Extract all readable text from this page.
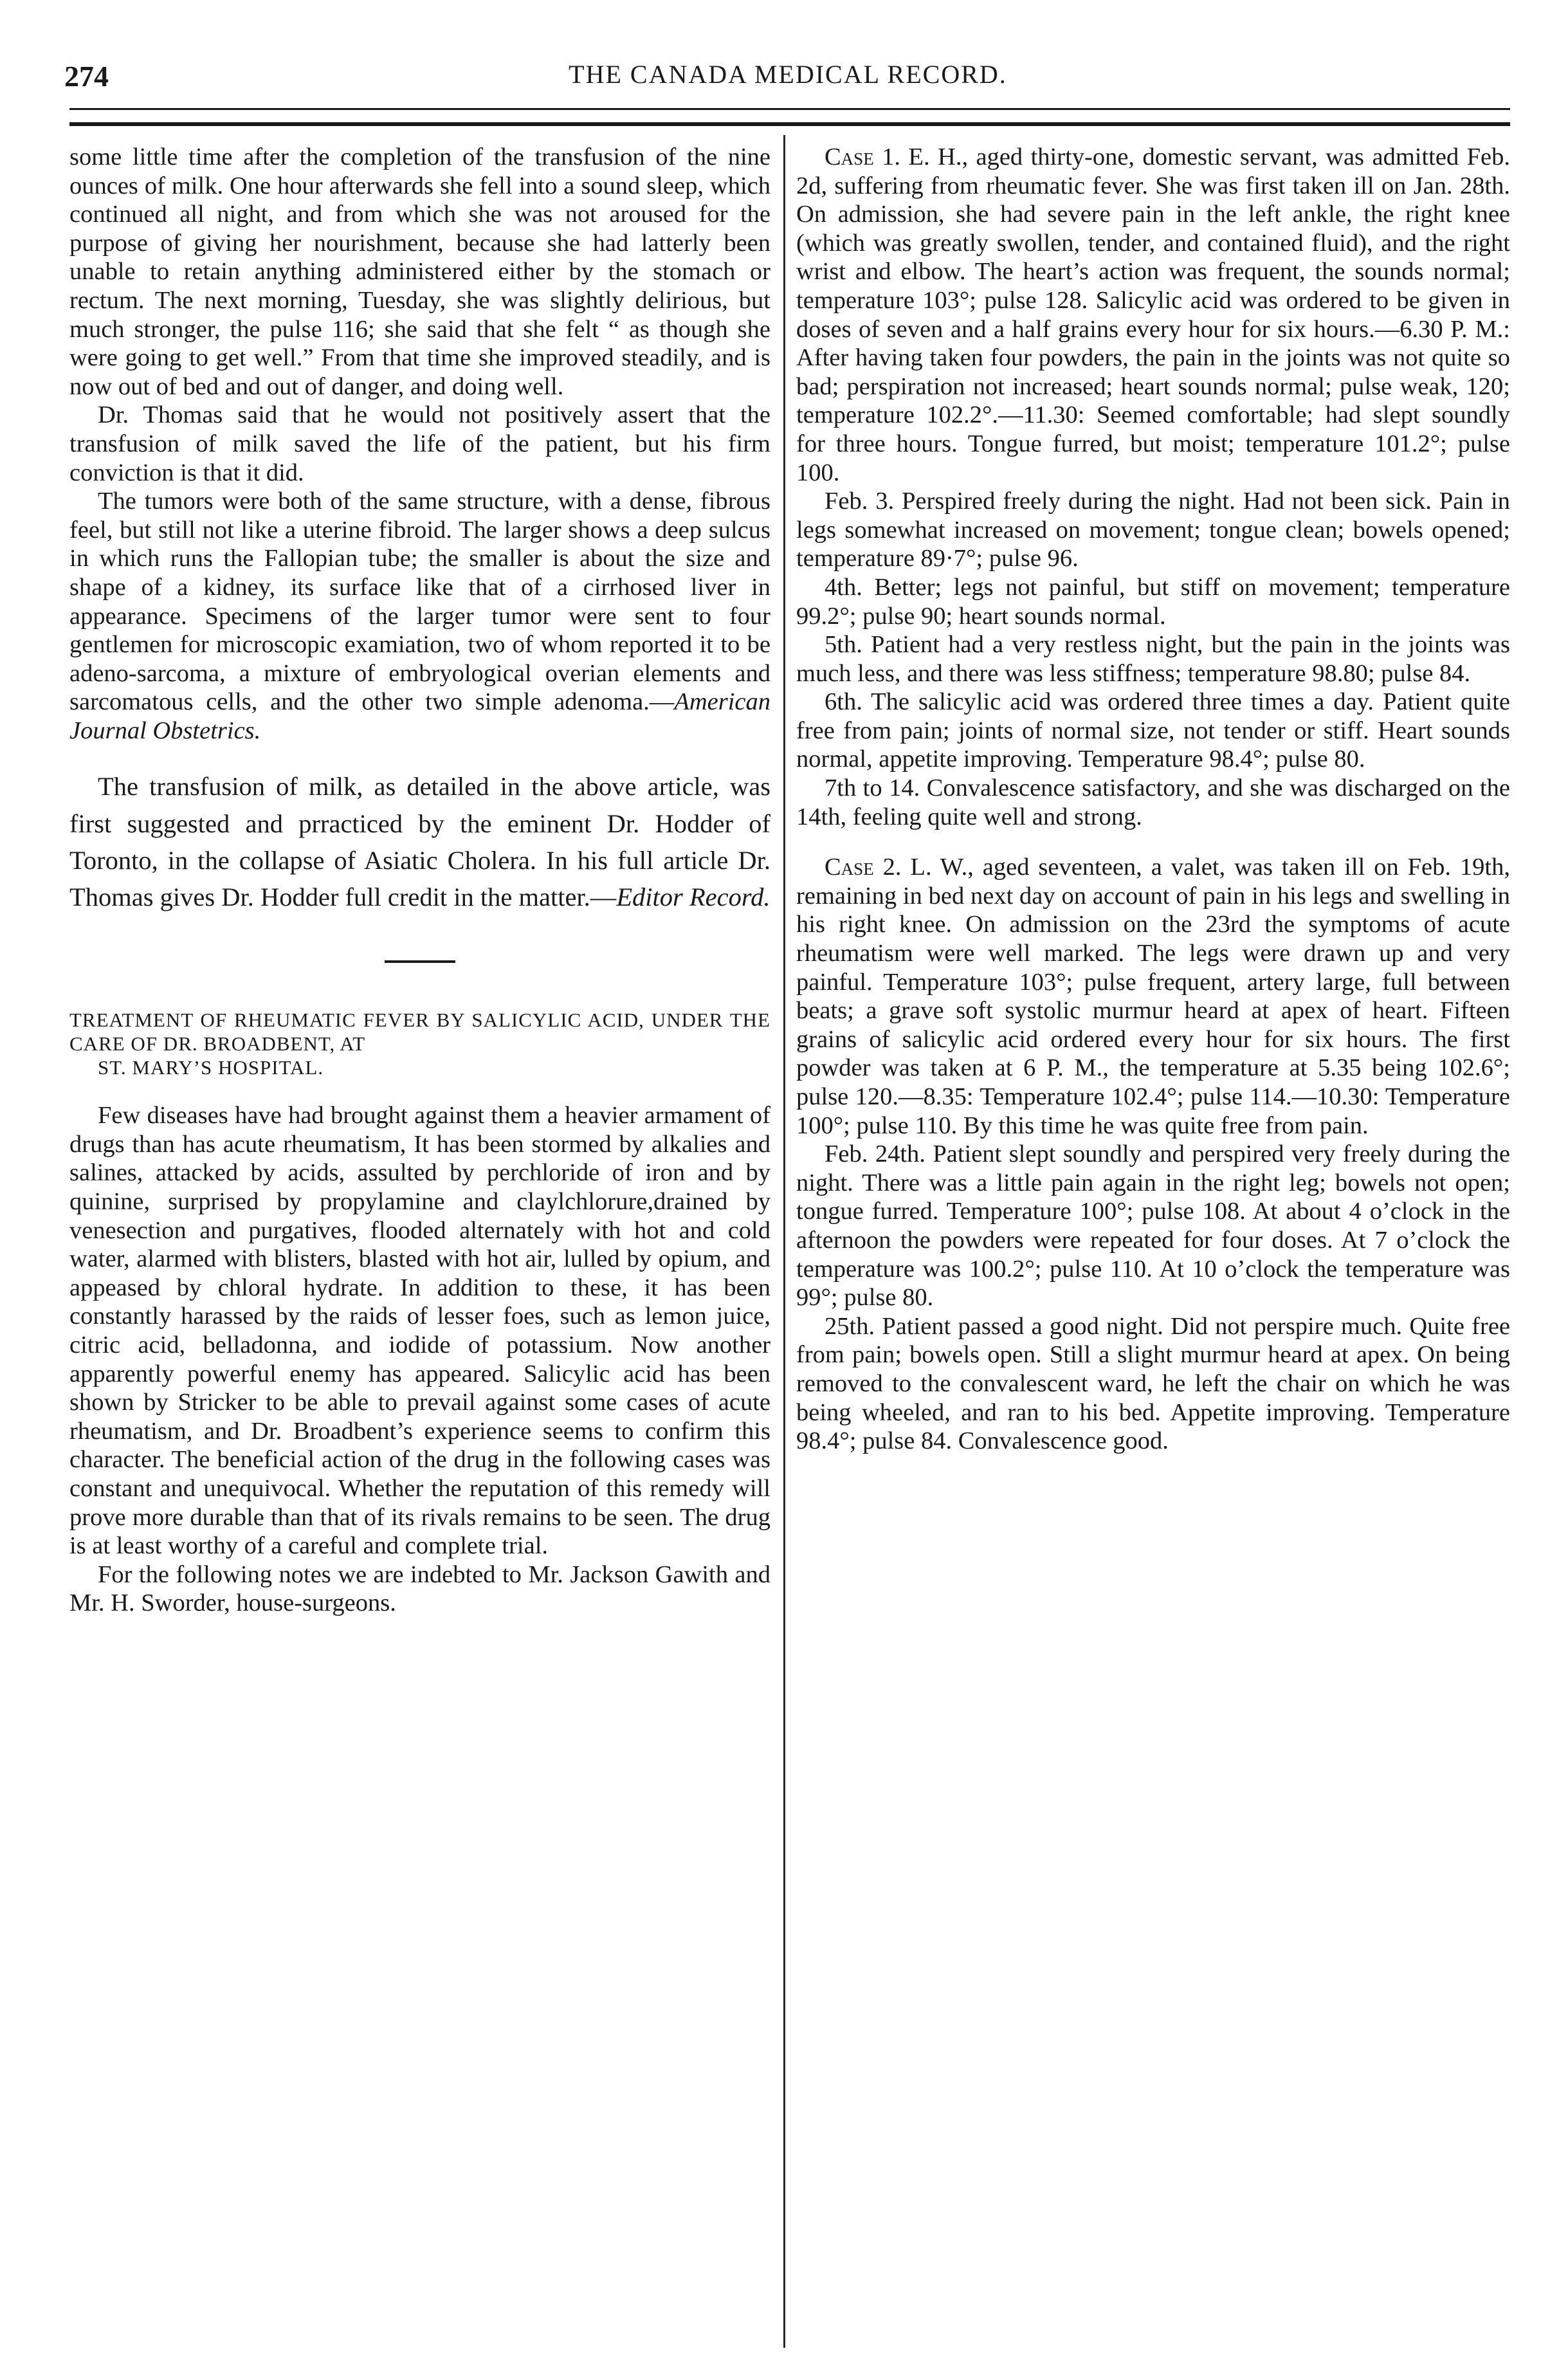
274	THE CANADA MEDICAL RECORD.

some little time after the completion of the transfusion of the nine ounces of milk. One hour afterwards she fell into a sound sleep, which continued all night, and from which she was not aroused for the purpose of giving her nourishment, because she had latterly been unable to retain anything administered either by the stomach or rectum. The next morning, Tuesday, she was slightly delirious, but much stronger, the pulse 116; she said that she felt “ as though she were going to get well.” From that time she improved steadily, and is now out of bed and out of danger, and doing well.

Dr. Thomas said that he would not positively assert that the transfusion of milk saved the life of the patient, but his firm conviction is that it did.

The tumors were both of the same structure, with a dense, fibrous feel, but still not like a uterine fibroid. The larger shows a deep sulcus in which runs the Fallopian tube; the smaller is about the size and shape of a kidney, its surface like that of a cirrhosed liver in appearance. Specimens of the larger tumor were sent to four gentlemen for microscopic examiation, two of whom reported it to be adeno-sarcoma, a mixture of embryological overian elements and sarcomatous cells, and the other two simple adenoma.—American Journal Obstetrics.

The transfusion of milk, as detailed in the above article, was first suggested and prracticed by the eminent Dr. Hodder of Toronto, in the collapse of Asiatic Cholera. In his full article Dr. Thomas gives Dr. Hodder full credit in the matter.—Editor Record.

TREATMENT OF RHEUMATIC FEVER BY SALICYLIC ACID, UNDER THE CARE OF DR. BROADBENT, AT
ST. MARY’S HOSPITAL.

Few diseases have had brought against them a heavier armament of drugs than has acute rheumatism, It has been stormed by alkalies and salines, attacked by acids, assulted by perchloride of iron and by quinine, surprised by propylamine and claylchlorure,drained by venesection and purgatives, flooded alternately with hot and cold water, alarmed with blisters, blasted with hot air, lulled by opium, and appeased by chloral hydrate. In addition to these, it has been constantly harassed by the raids of lesser foes, such as lemon juice, citric acid, belladonna, and iodide of potassium. Now another apparently powerful enemy has appeared. Salicylic acid has been shown by Stricker to be able to prevail against some cases of acute rheumatism, and Dr. Broadbent’s experience seems to confirm this character. The beneficial action of the drug in the following cases was constant and unequivocal. Whether the reputation of this remedy will prove more durable than that of its rivals remains to be seen. The drug is at least worthy of a careful and complete trial.

For the following notes we are indebted to Mr. Jackson Gawith and Mr. H. Sworder, house-surgeons.

Case 1. E. H., aged thirty-one, domestic servant, was admitted Feb. 2d, suffering from rheumatic fever. She was first taken ill on Jan. 28th. On admission, she had severe pain in the left ankle, the right knee (which was greatly swollen, tender, and contained fluid), and the right wrist and elbow. The heart’s action was frequent, the sounds normal; temperature 103°; pulse 128. Salicylic acid was ordered to be given in doses of seven and a half grains every hour for six hours.—6.30 P. M.: After having taken four powders, the pain in the joints was not quite so bad; perspiration not increased; heart sounds normal; pulse weak, 120; temperature 102.2°.—11.30: Seemed comfortable; had slept soundly for three hours. Tongue furred, but moist; temperature 101.2°; pulse 100.

Feb. 3. Perspired freely during the night. Had not been sick. Pain in legs somewhat increased on movement; tongue clean; bowels opened; temperature 89·7°; pulse 96.

4th. Better; legs not painful, but stiff on movement; temperature 99.2°; pulse 90; heart sounds normal.

5th. Patient had a very restless night, but the pain in the joints was much less, and there was less stiffness; temperature 98.80; pulse 84.

6th. The salicylic acid was ordered three times a day. Patient quite free from pain; joints of normal size, not tender or stiff. Heart sounds normal, appetite improving. Temperature 98.4°; pulse 80.

7th to 14. Convalescence satisfactory, and she was discharged on the 14th, feeling quite well and strong.

Case 2. L. W., aged seventeen, a valet, was taken ill on Feb. 19th, remaining in bed next day on account of pain in his legs and swelling in his right knee. On admission on the 23rd the symptoms of acute rheumatism were well marked. The legs were drawn up and very painful. Temperature 103°; pulse frequent, artery large, full between beats; a grave soft systolic murmur heard at apex of heart. Fifteen grains of salicylic acid ordered every hour for six hours. The first powder was taken at 6 P. M., the temperature at 5.35 being 102.6°; pulse 120.—8.35: Temperature 102.4°; pulse 114.—10.30: Temperature 100°; pulse 110. By this time he was quite free from pain.

Feb. 24th. Patient slept soundly and perspired very freely during the night. There was a little pain again in the right leg; bowels not open; tongue furred. Temperature 100°; pulse 108. At about 4 o’clock in the afternoon the powders were repeated for four doses. At 7 o’clock the temperature was 100.2°; pulse 110. At 10 o’clock the temperature was 99°; pulse 80.

25th. Patient passed a good night. Did not perspire much. Quite free from pain; bowels open. Still a slight murmur heard at apex. On being removed to the convalescent ward, he left the chair on which he was being wheeled, and ran to his bed. Appetite improving. Temperature 98.4°; pulse 84. Convalescence good.
